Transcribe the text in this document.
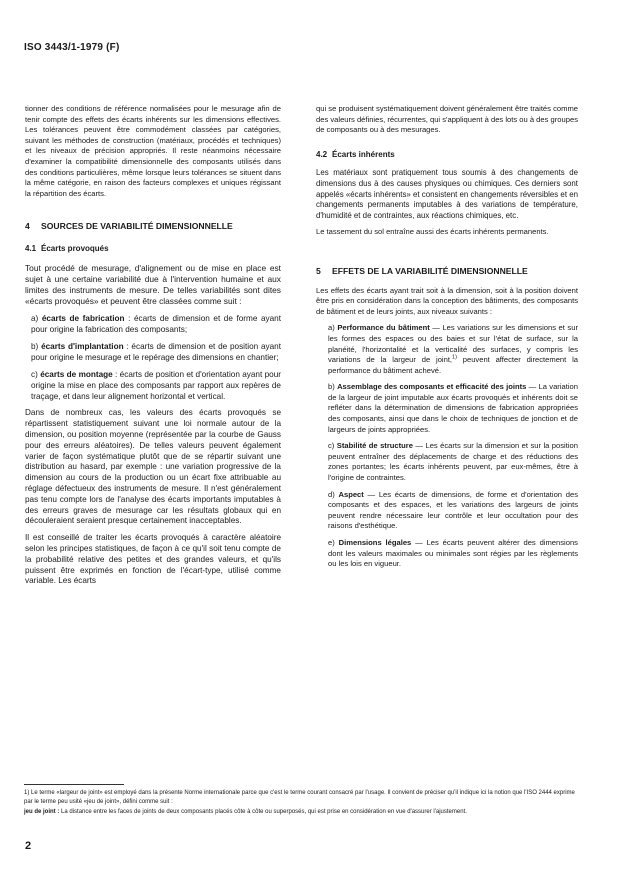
ISO 3443/1-1979 (F)

tionner des conditions de référence normalisées pour le mesurage afin de tenir compte des effets des écarts inhérents sur les dimensions effectives. Les tolérances peuvent être commodément classées par catégories, suivant les méthodes de construction (matériaux, procédés et techniques) et les niveaux de précision appropriés. Il reste néanmoins nécessaire d'examiner la compatibilité dimensionnelle des composants utilisés dans des conditions particulières, même lorsque leurs tolérances se situent dans la même catégorie, en raison des facteurs complexes et uniques régissant la répartition des écarts.

4 SOURCES DE VARIABILITÉ DIMENSIONNELLE
4.1 Écarts provoqués

Tout procédé de mesurage, d'alignement ou de mise en place est sujet à une certaine variabilité due à l'intervention humaine et aux limites des instruments de mesure. De telles variabilités sont dites «écarts provoqués» et peuvent être classées comme suit :

a) écarts de fabrication : écarts de dimension et de forme ayant pour origine la fabrication des composants;

b) écarts d'implantation : écarts de dimension et de position ayant pour origine le mesurage et le repérage des dimensions en chantier;

c) écarts de montage : écarts de position et d'orientation ayant pour origine la mise en place des composants par rapport aux repères de traçage, et dans leur alignement horizontal et vertical.

Dans de nombreux cas, les valeurs des écarts provoqués se répartissent statistiquement suivant une loi normale autour de la dimension, ou position moyenne (représentée par la courbe de Gauss pour des erreurs aléatoires). De telles valeurs peuvent également varier de façon systématique plutôt que de se répartir suivant une distribution au hasard, par exemple : une variation progressive de la dimension au cours de la production ou un écart fixe attribuable au réglage défectueux des instruments de mesure. Il n'est généralement pas tenu compte lors de l'analyse des écarts importants imputables à des erreurs graves de mesurage car les résultats globaux qui en découleraient seraient presque certainement inacceptables.

Il est conseillé de traiter les écarts provoqués à caractère aléatoire selon les principes statistiques, de façon à ce qu'il soit tenu compte de la probabilité relative des petites et des grandes valeurs, et qu'ils puissent être exprimés en fonction de l'écart-type, utilisé comme variable. Les écarts

qui se produisent systématiquement doivent généralement être traités comme des valeurs définies, récurrentes, qui s'appliquent à des lots ou à des groupes de composants ou à des mesurages.

4.2 Écarts inhérents

Les matériaux sont pratiquement tous soumis à des changements de dimensions dus à des causes physiques ou chimiques. Ces derniers sont appelés «écarts inhérents» et consistent en changements réversibles et en changements permanents imputables à des variations de température, d'humidité et de contraintes, aux réactions chimiques, etc.

Le tassement du sol entraîne aussi des écarts inhérents permanents.

5 EFFETS DE LA VARIABILITÉ DIMENSIONNELLE

Les effets des écarts ayant trait soit à la dimension, soit à la position doivent être pris en considération dans la conception des bâtiments, des composants de bâtiment et de leurs joints, aux niveaux suivants :

a) Performance du bâtiment — Les variations sur les dimensions et sur les formes des espaces ou des baies et sur l'état de surface, sur la planéité, l'horizontalité et la verticalité des surfaces, y compris les variations de la largeur de joint,$^{1)}$ peuvent affecter directement la performance du bâtiment achevé.

b) Assemblage des composants et efficacité des joints — La variation de la largeur de joint imputable aux écarts provoqués et inhérents doit se refléter dans la détermination de dimensions de fabrication appropriées des composants, ainsi que dans le choix de techniques de jonction et de largeurs de joints appropriées.

c) Stabilité de structure — Les écarts sur la dimension et sur la position peuvent entraîner des déplacements de charge et des réductions des zones portantes; les écarts inhérents peuvent, par eux-mêmes, être à l'origine de contraintes.

d) Aspect — Les écarts de dimensions, de forme et d'orientation des composants et des espaces, et les variations des largeurs de joints peuvent rendre nécessaire leur contrôle et leur occultation pour des raisons d'esthétique.

e) Dimensions légales — Les écarts peuvent altérer des dimensions dont les valeurs maximales ou minimales sont régies par les règlements ou les lois en vigueur.

1) Le terme «largeur de joint» est employé dans la présente Norme internationale parce que c'est le terme courant consacré par l'usage. Il convient de préciser qu'il indique ici la notion que l'ISO 2444 exprime par le terme peu usité «jeu de joint», défini comme suit :
jeu de joint : La distance entre les faces de joints de deux composants placés côte à côte ou superposés, qui est prise en considération en vue d'assurer l'ajustement.
2
